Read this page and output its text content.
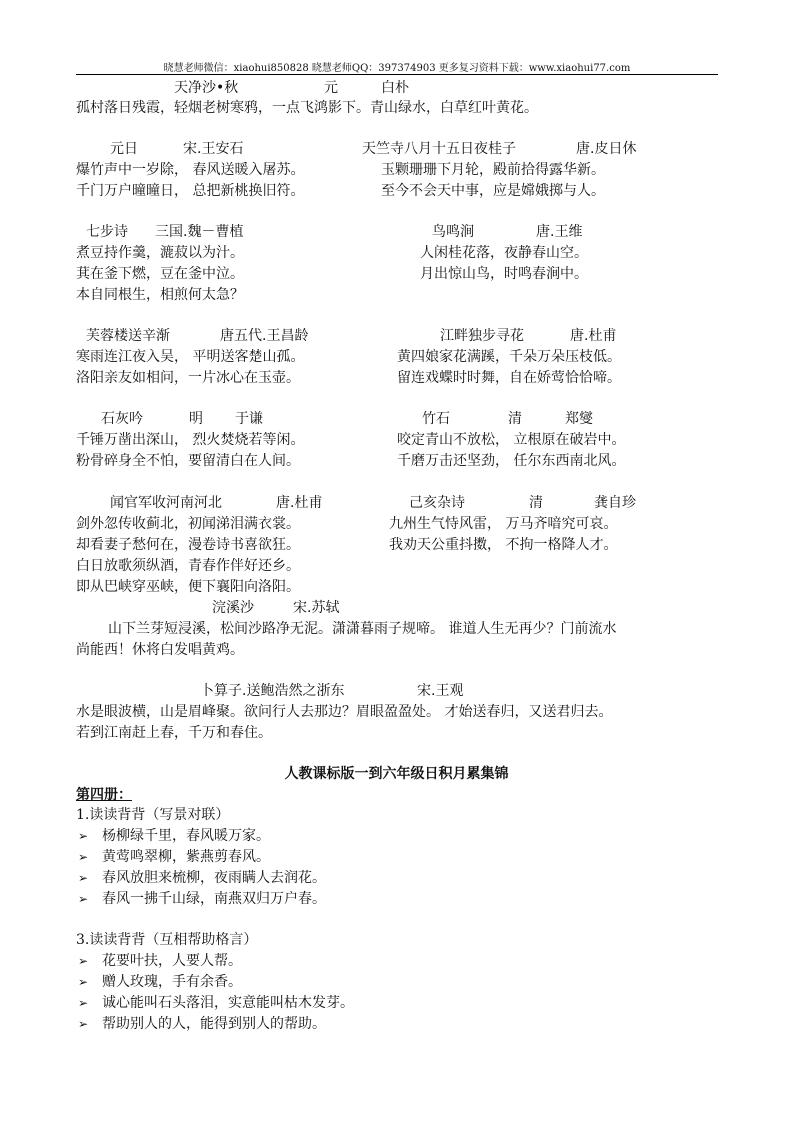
晓慧老师微信：xiaohui850828 晓慧老师QQ：397374903 更多复习资料下载：www.xiaohui77.com
天净沙•秋	元	白朴
孤村落日残霞，轻烟老树寒鸦，一点飞鸿影下。青山绿水，白草红叶黄花。
元日	宋.王安石	天竺寺八月十五日夜桂子	唐.皮日休
爆竹声中一岁除， 春风送暖入屠苏。
千门万户曈曈日， 总把新桃换旧符。
玉颗珊珊下月轮，殿前拾得露华新。
至今不会天中事，应是嫦娥掷与人。
七步诗 三国.魏－曹植	鸟鸣涧	唐.王维
煮豆持作羹，漉菽以为汁。
萁在釜下燃，豆在釜中泣。
本自同根生，相煎何太急？
人闲桂花落，夜静春山空。
月出惊山鸟，时鸣春涧中。
芙蓉楼送辛渐	唐五代.王昌龄	江畔独步寻花	唐.杜甫
寒雨连江夜入吴， 平明送客楚山孤。
洛阳亲友如相问，一片冰心在玉壶。
黄四娘家花满蹊，千朵万朵压枝低。
留连戏蝶时时舞，自在娇莺恰恰啼。
石灰吟	明 于谦	竹石	清	郑燮
千锤万凿出深山， 烈火焚烧若等闲。
粉骨碎身全不怕，要留清白在人间。
咬定青山不放松， 立根原在破岩中。
千磨万击还坚劲， 任尔东西南北风。
闻官军收河南河北	唐.杜甫	己亥杂诗	清	龚自珍
剑外忽传收蓟北，初闻涕泪满衣裳。
却看妻子愁何在，漫卷诗书喜欲狂。
白日放歌须纵酒，青春作伴好还乡。
即从巴峡穿巫峡，便下襄阳向洛阳。
九州生气恃风雷， 万马齐喑究可哀。
我劝天公重抖擞， 不拘一格降人才。
浣溪沙	宋.苏轼
山下兰芽短浸溪，松间沙路净无泥。潇潇暮雨子规啼。 谁道人生无再少？门前流水
尚能西！休将白发唱黄鸡。
卜算子.送鲍浩然之浙东	宋.王观
水是眼波横，山是眉峰聚。欲问行人去那边？眉眼盈盈处。 才始送春归，又送君归去。
若到江南赶上春，千万和春住。
人教课标版一到六年级日积月累集锦
第四册：
1.读读背背（写景对联）
➢ 杨柳绿千里，春风暖万家。
➢ 黄莺鸣翠柳，紫燕剪春风。
➢ 春风放胆来梳柳，夜雨瞒人去润花。
➢ 春风一拂千山绿，南燕双归万户春。
3.读读背背（互相帮助格言）
➢ 花要叶扶，人要人帮。
➢ 赠人玫瑰，手有余香。
➢ 诚心能叫石头落泪，实意能叫枯木发芽。
➢ 帮助别人的人，能得到别人的帮助。
